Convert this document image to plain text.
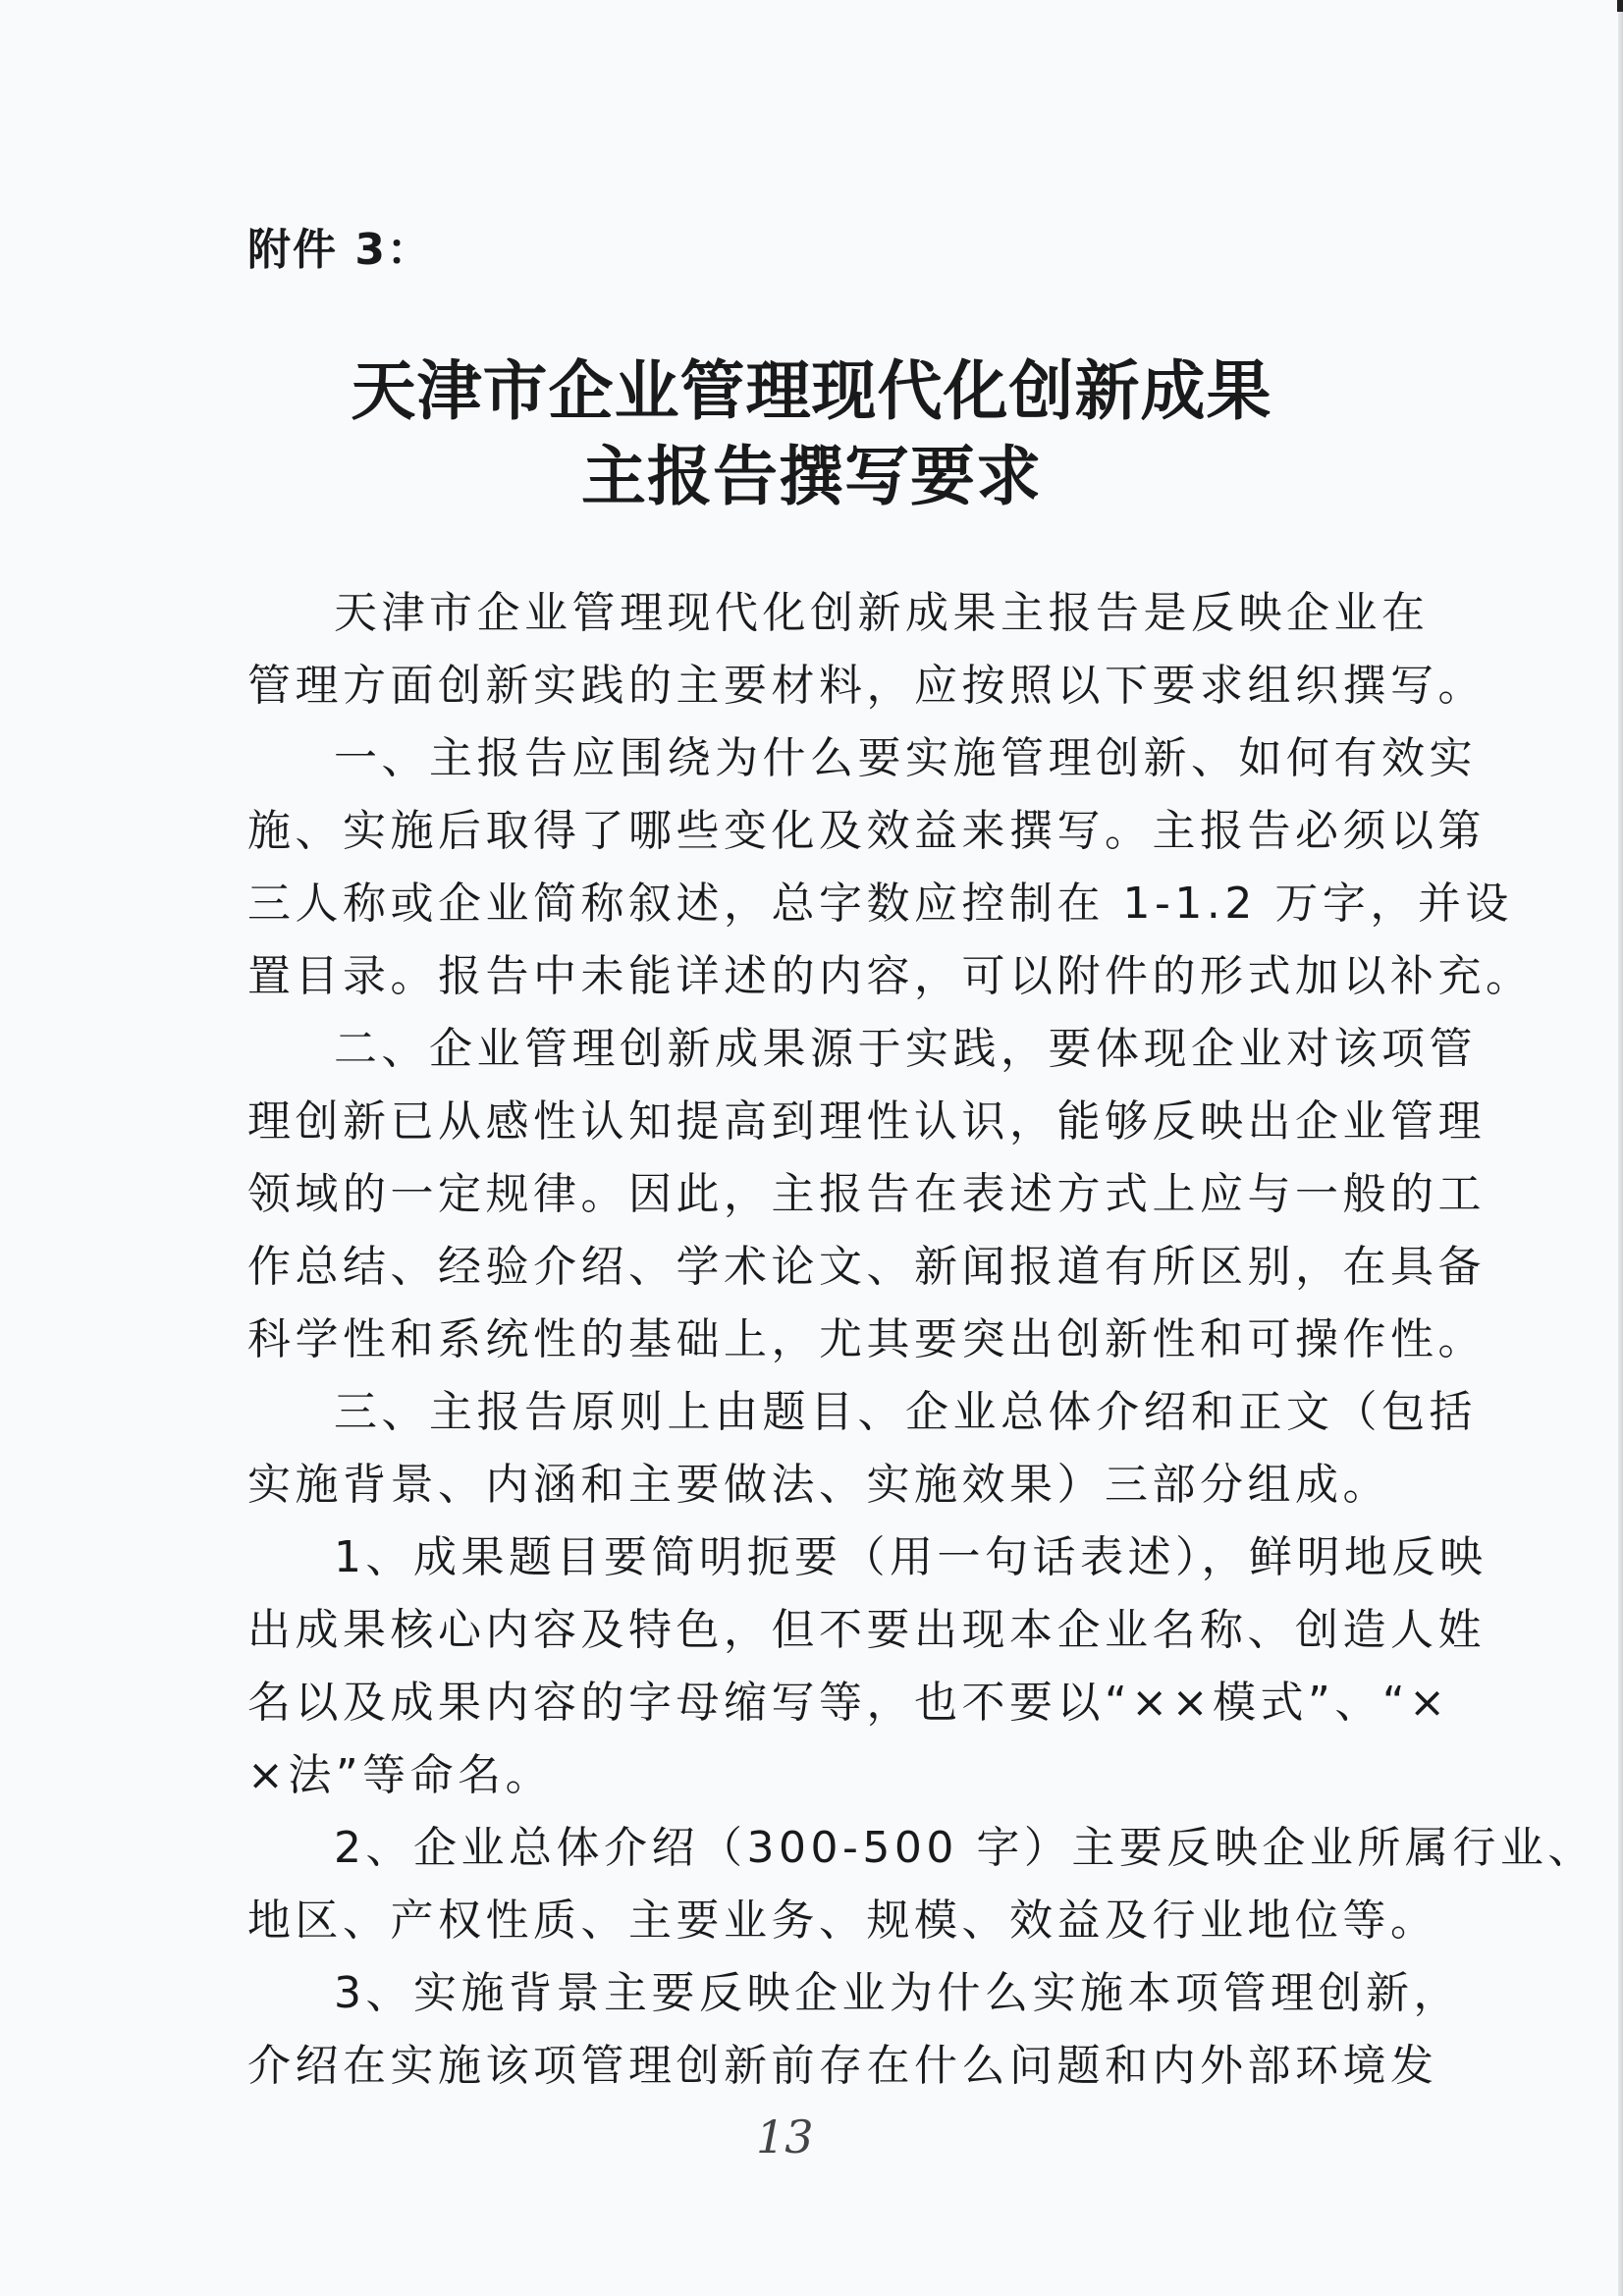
附件 3：
天津市企业管理现代化创新成果
主报告撰写要求
天津市企业管理现代化创新成果主报告是反映企业在
管理方面创新实践的主要材料，应按照以下要求组织撰写。
一、主报告应围绕为什么要实施管理创新、如何有效实
施、实施后取得了哪些变化及效益来撰写。主报告必须以第
三人称或企业简称叙述，总字数应控制在 1-1.2 万字，并设
置目录。报告中未能详述的内容，可以附件的形式加以补充。
二、企业管理创新成果源于实践，要体现企业对该项管
理创新已从感性认知提高到理性认识，能够反映出企业管理
领域的一定规律。因此，主报告在表述方式上应与一般的工
作总结、经验介绍、学术论文、新闻报道有所区别，在具备
科学性和系统性的基础上，尤其要突出创新性和可操作性。
三、主报告原则上由题目、企业总体介绍和正文（包括
实施背景、内涵和主要做法、实施效果）三部分组成。
1、成果题目要简明扼要（用一句话表述），鲜明地反映
出成果核心内容及特色，但不要出现本企业名称、创造人姓
名以及成果内容的字母缩写等，也不要以“××模式”、“×
×法”等命名。
2、企业总体介绍（300-500 字）主要反映企业所属行业、
地区、产权性质、主要业务、规模、效益及行业地位等。
3、实施背景主要反映企业为什么实施本项管理创新，
介绍在实施该项管理创新前存在什么问题和内外部环境发
13
